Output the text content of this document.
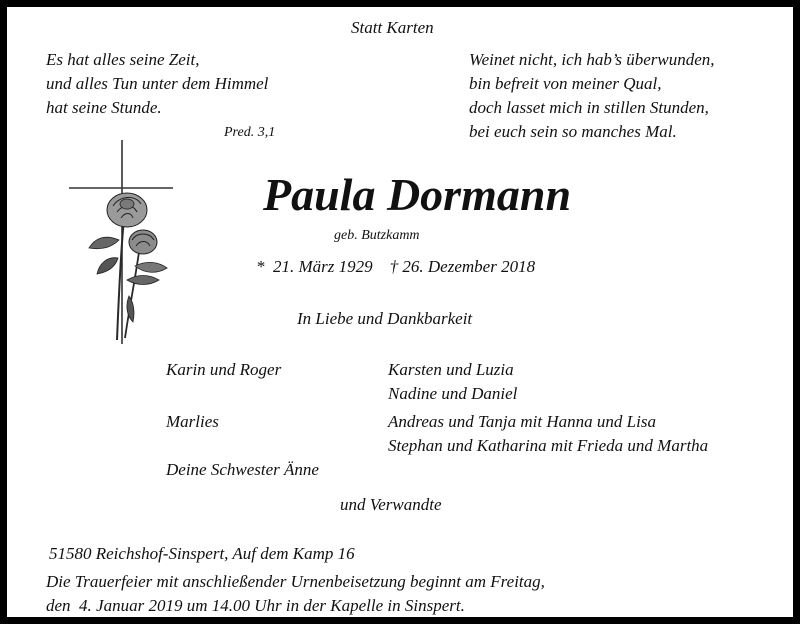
Statt Karten
Es hat alles seine Zeit,
und alles Tun unter dem Himmel
hat seine Stunde.
Pred. 3,1
Weinet nicht, ich hab’s überwunden,
bin befreit von meiner Qual,
doch lasset mich in stillen Stunden,
bei euch sein so manches Mal.
Paula Dormann
geb. Butzkamm
*  21. März 1929    † 26. Dezember 2018
In Liebe und Dankbarkeit
Karin und Roger	Karsten und Luzia
Nadine und Daniel
Marlies	Andreas und Tanja mit Hanna und Lisa
Stephan und Katharina mit Frieda und Martha
Deine Schwester Änne
und Verwandte
51580 Reichshof-Sinspert, Auf dem Kamp 16
Die Trauerfeier mit anschließender Urnenbeisetzung beginnt am Freitag,
den  4. Januar 2019 um 14.00 Uhr in der Kapelle in Sinspert.
